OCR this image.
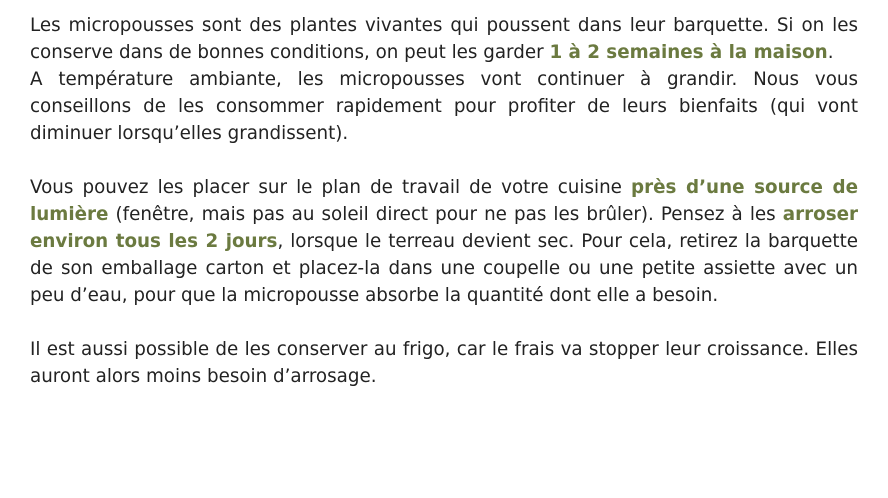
Les micropousses sont des plantes vivantes qui poussent dans leur barquette. Si on les conserve dans de bonnes conditions, on peut les garder 1 à 2 semaines à la maison.

A température ambiante, les micropousses vont continuer à grandir. Nous vous conseillons de les consommer rapidement pour profiter de leurs bienfaits (qui vont diminuer lorsqu’elles grandissent).

Vous pouvez les placer sur le plan de travail de votre cuisine près d’une source de lumière (fenêtre, mais pas au soleil direct pour ne pas les brûler). Pensez à les arroser environ tous les 2 jours, lorsque le terreau devient sec. Pour cela, retirez la barquette de son emballage carton et placez-la dans une coupelle ou une petite assiette avec un peu d’eau, pour que la micropousse absorbe la quantité dont elle a besoin.

Il est aussi possible de les conserver au frigo, car le frais va stopper leur croissance. Elles auront alors moins besoin d’arrosage.
